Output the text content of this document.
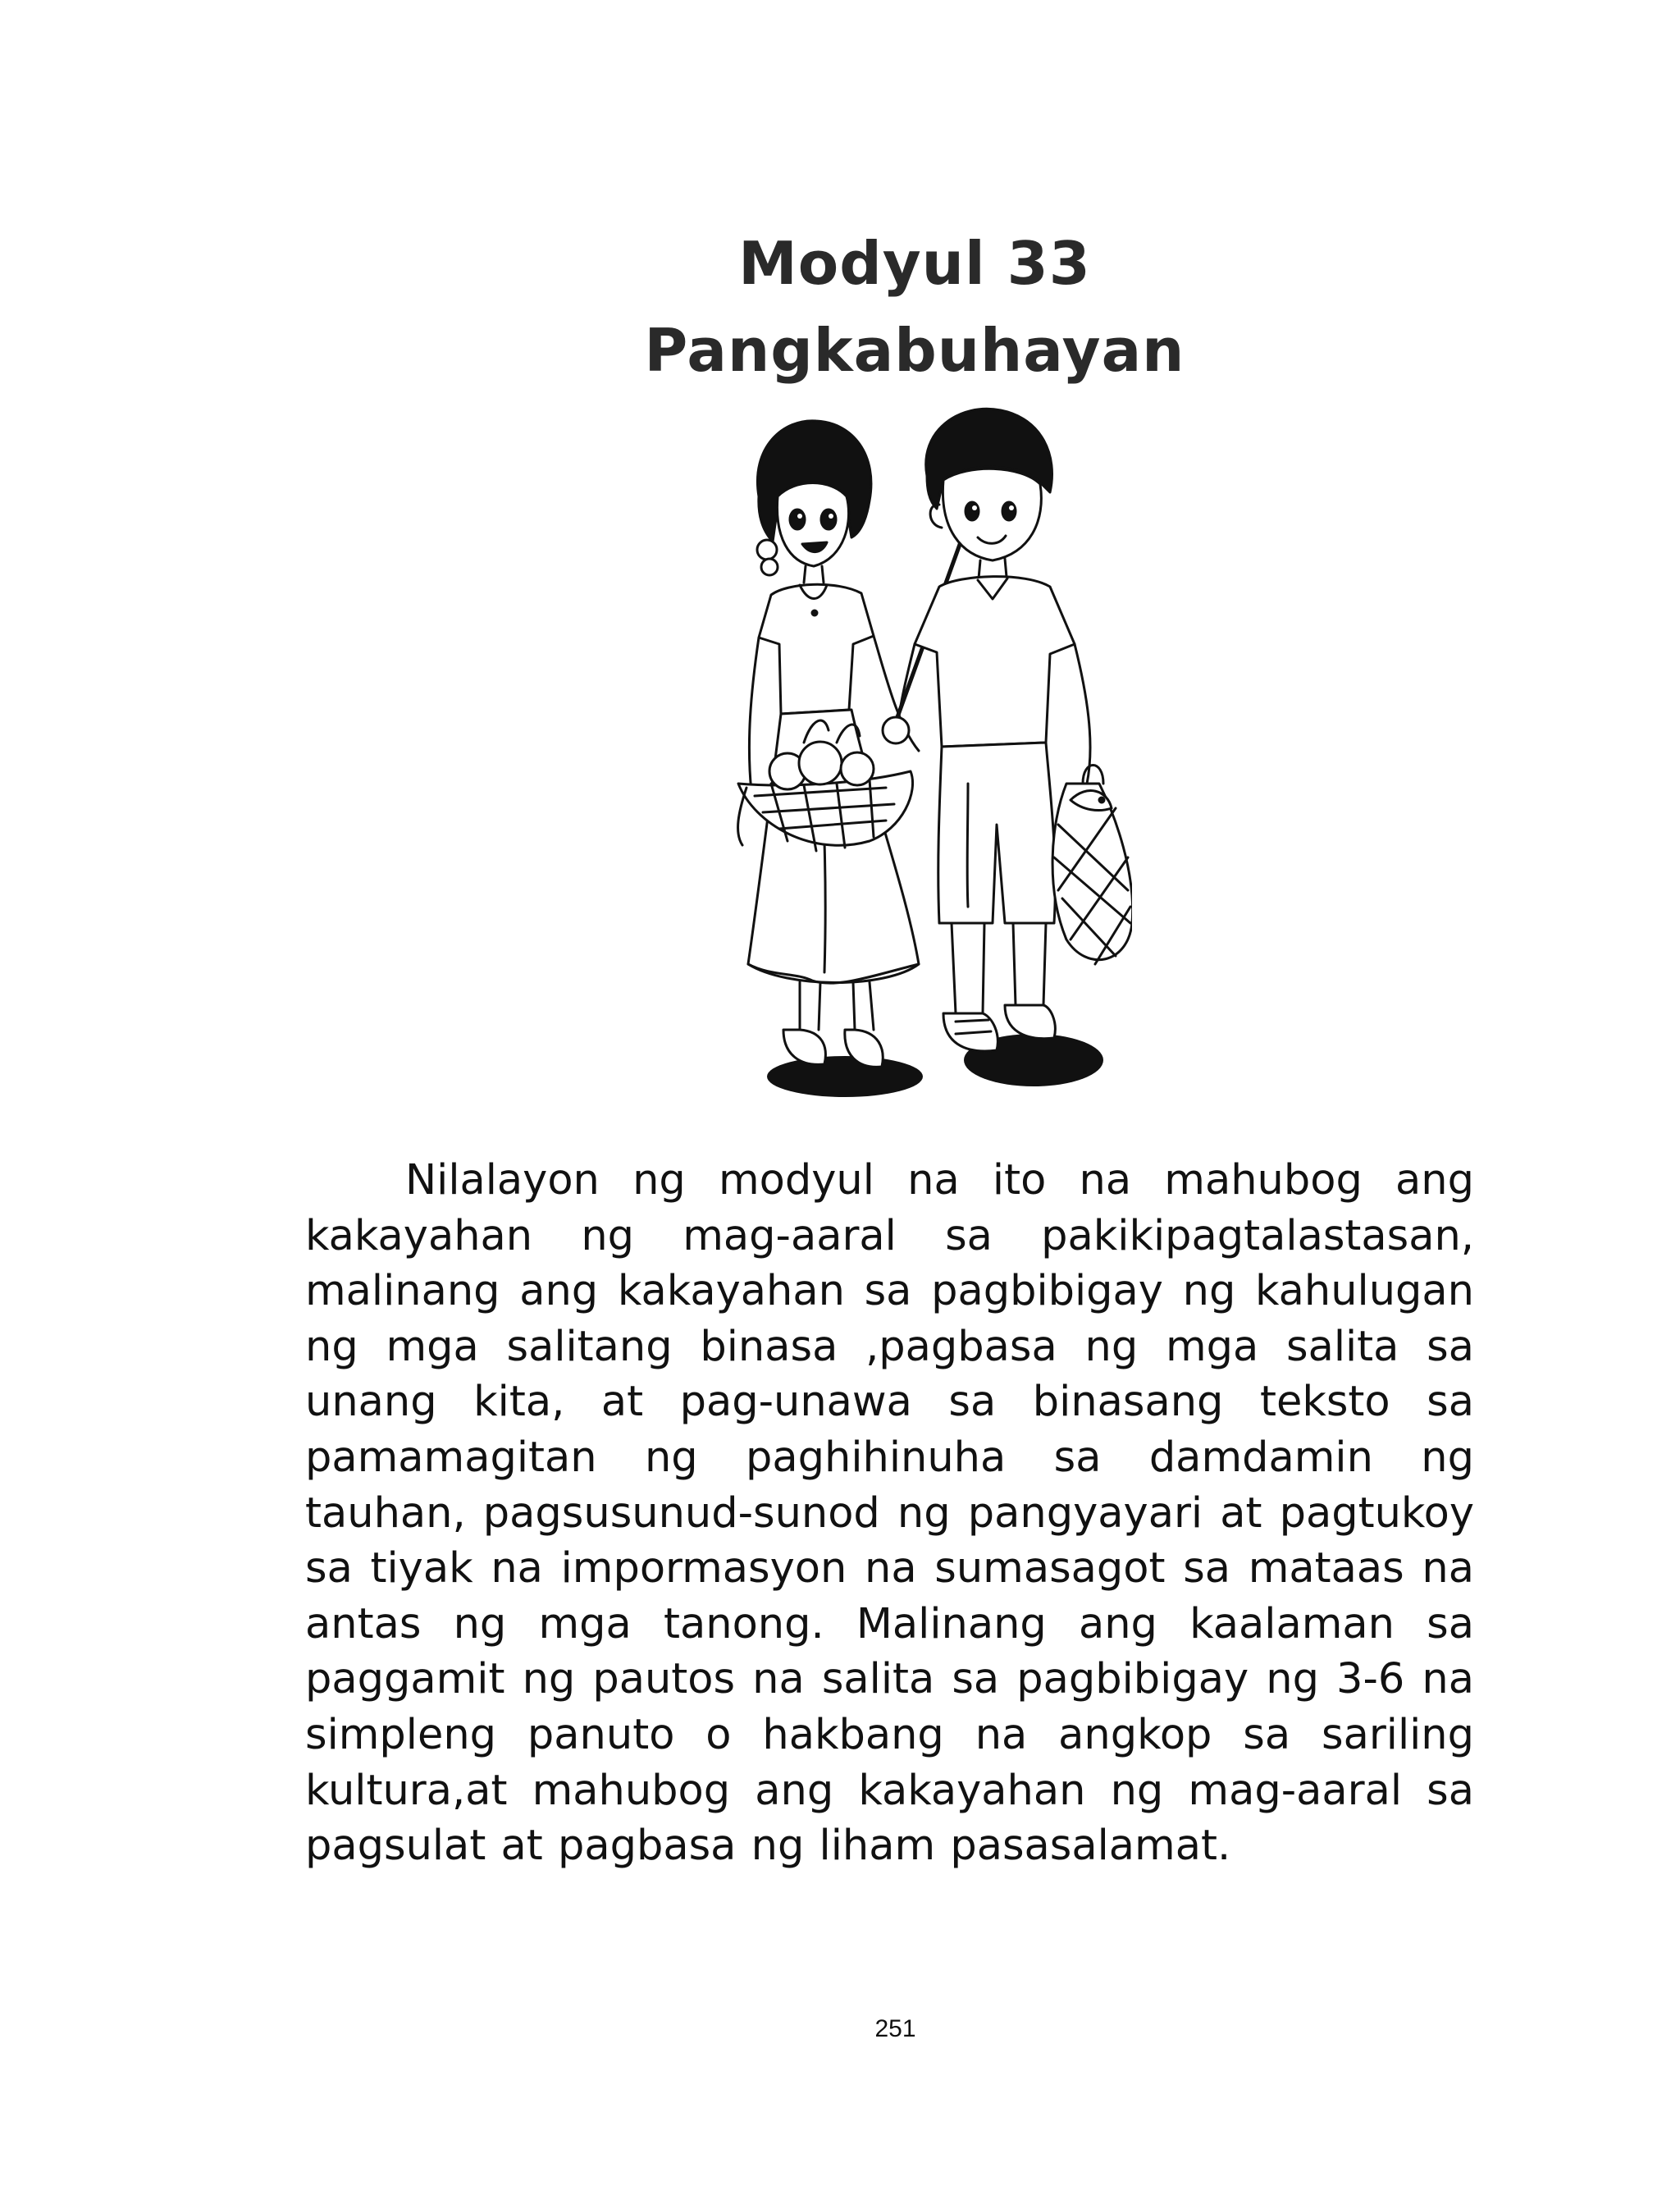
Modyul 33
Pangkabuhayan
Nilalayon ng modyul na ito na mahubog ang kakayahan ng mag-aaral sa pakikipagtalastasan, malinang ang kakayahan sa pagbibigay ng kahulugan ng mga salitang binasa ,pagbasa ng mga salita sa unang kita, at pag-unawa sa binasang teksto sa pamamagitan ng paghihinuha sa damdamin ng tauhan, pagsusunud-sunod ng pangyayari at pagtukoy sa tiyak na impormasyon na sumasagot sa mataas na antas ng mga tanong. Malinang ang kaalaman sa paggamit ng pautos na salita sa pagbibigay ng 3-6 na simpleng panuto o hakbang na angkop sa sariling kultura,at mahubog ang kakayahan ng mag-aaral sa pagsulat at pagbasa ng liham pasasalamat.
251
